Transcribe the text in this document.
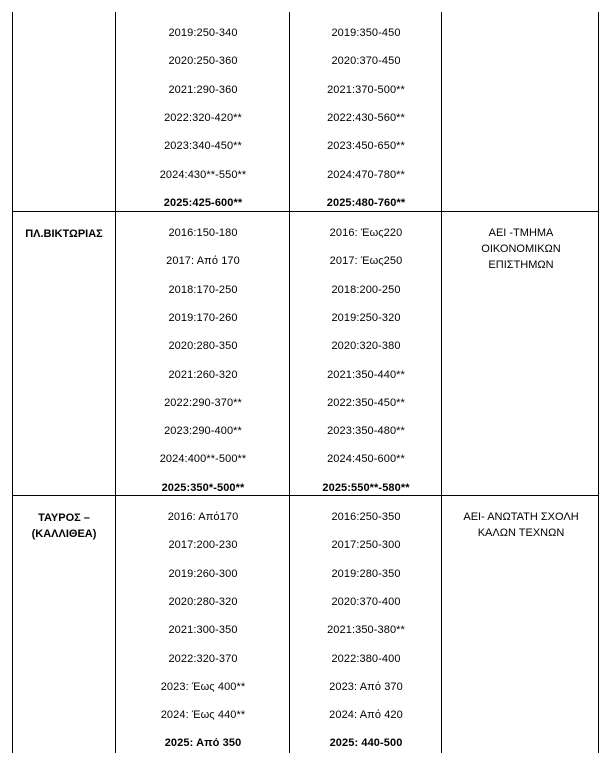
2019:250-340
2020:250-360
2021:290-360
2022:320-420**
2023:340-450**
2024:430**-550**
2025:425-600**
2019:350-450
2020:370-450
2021:370-500**
2022:430-560**
2023:450-650**
2024:470-780**
2025:480-760**
ΠΛ.ΒΙΚΤΩΡΙΑΣ	2016:150-180
2017: Από 170
2018:170-250
2019:170-260
2020:280-350
2021:260-320
2022:290-370**
2023:290-400**
2024:400**-500**
2025:350*-500**
2016: Έως220
2017: Έως250
2018:200-250
2019:250-320
2020:320-380
2021:350-440**
2022:350-450**
2023:350-480**
2024:450-600**
2025:550**-580**
ΑΕΙ -ΤΜΗΜΑ
ΟΙΚΟΝΟΜΙΚΩΝ
ΕΠΙΣΤΗΜΩΝ
ΤΑΥΡΟΣ –
(ΚΑΛΛΙΘΕΑ)
2016: Από170
2017:200-230
2019:260-300
2020:280-320
2021:300-350
2022:320-370
2023: Έως 400**
2024: Έως 440**
2025: Από 350
2016:250-350
2017:250-300
2019:280-350
2020:370-400
2021:350-380**
2022:380-400
2023: Από 370
2024: Από 420
2025: 440-500
ΑΕΙ- ΑΝΩΤΑΤΗ ΣΧΟΛΗ
ΚΑΛΩΝ ΤΕΧΝΩΝ
